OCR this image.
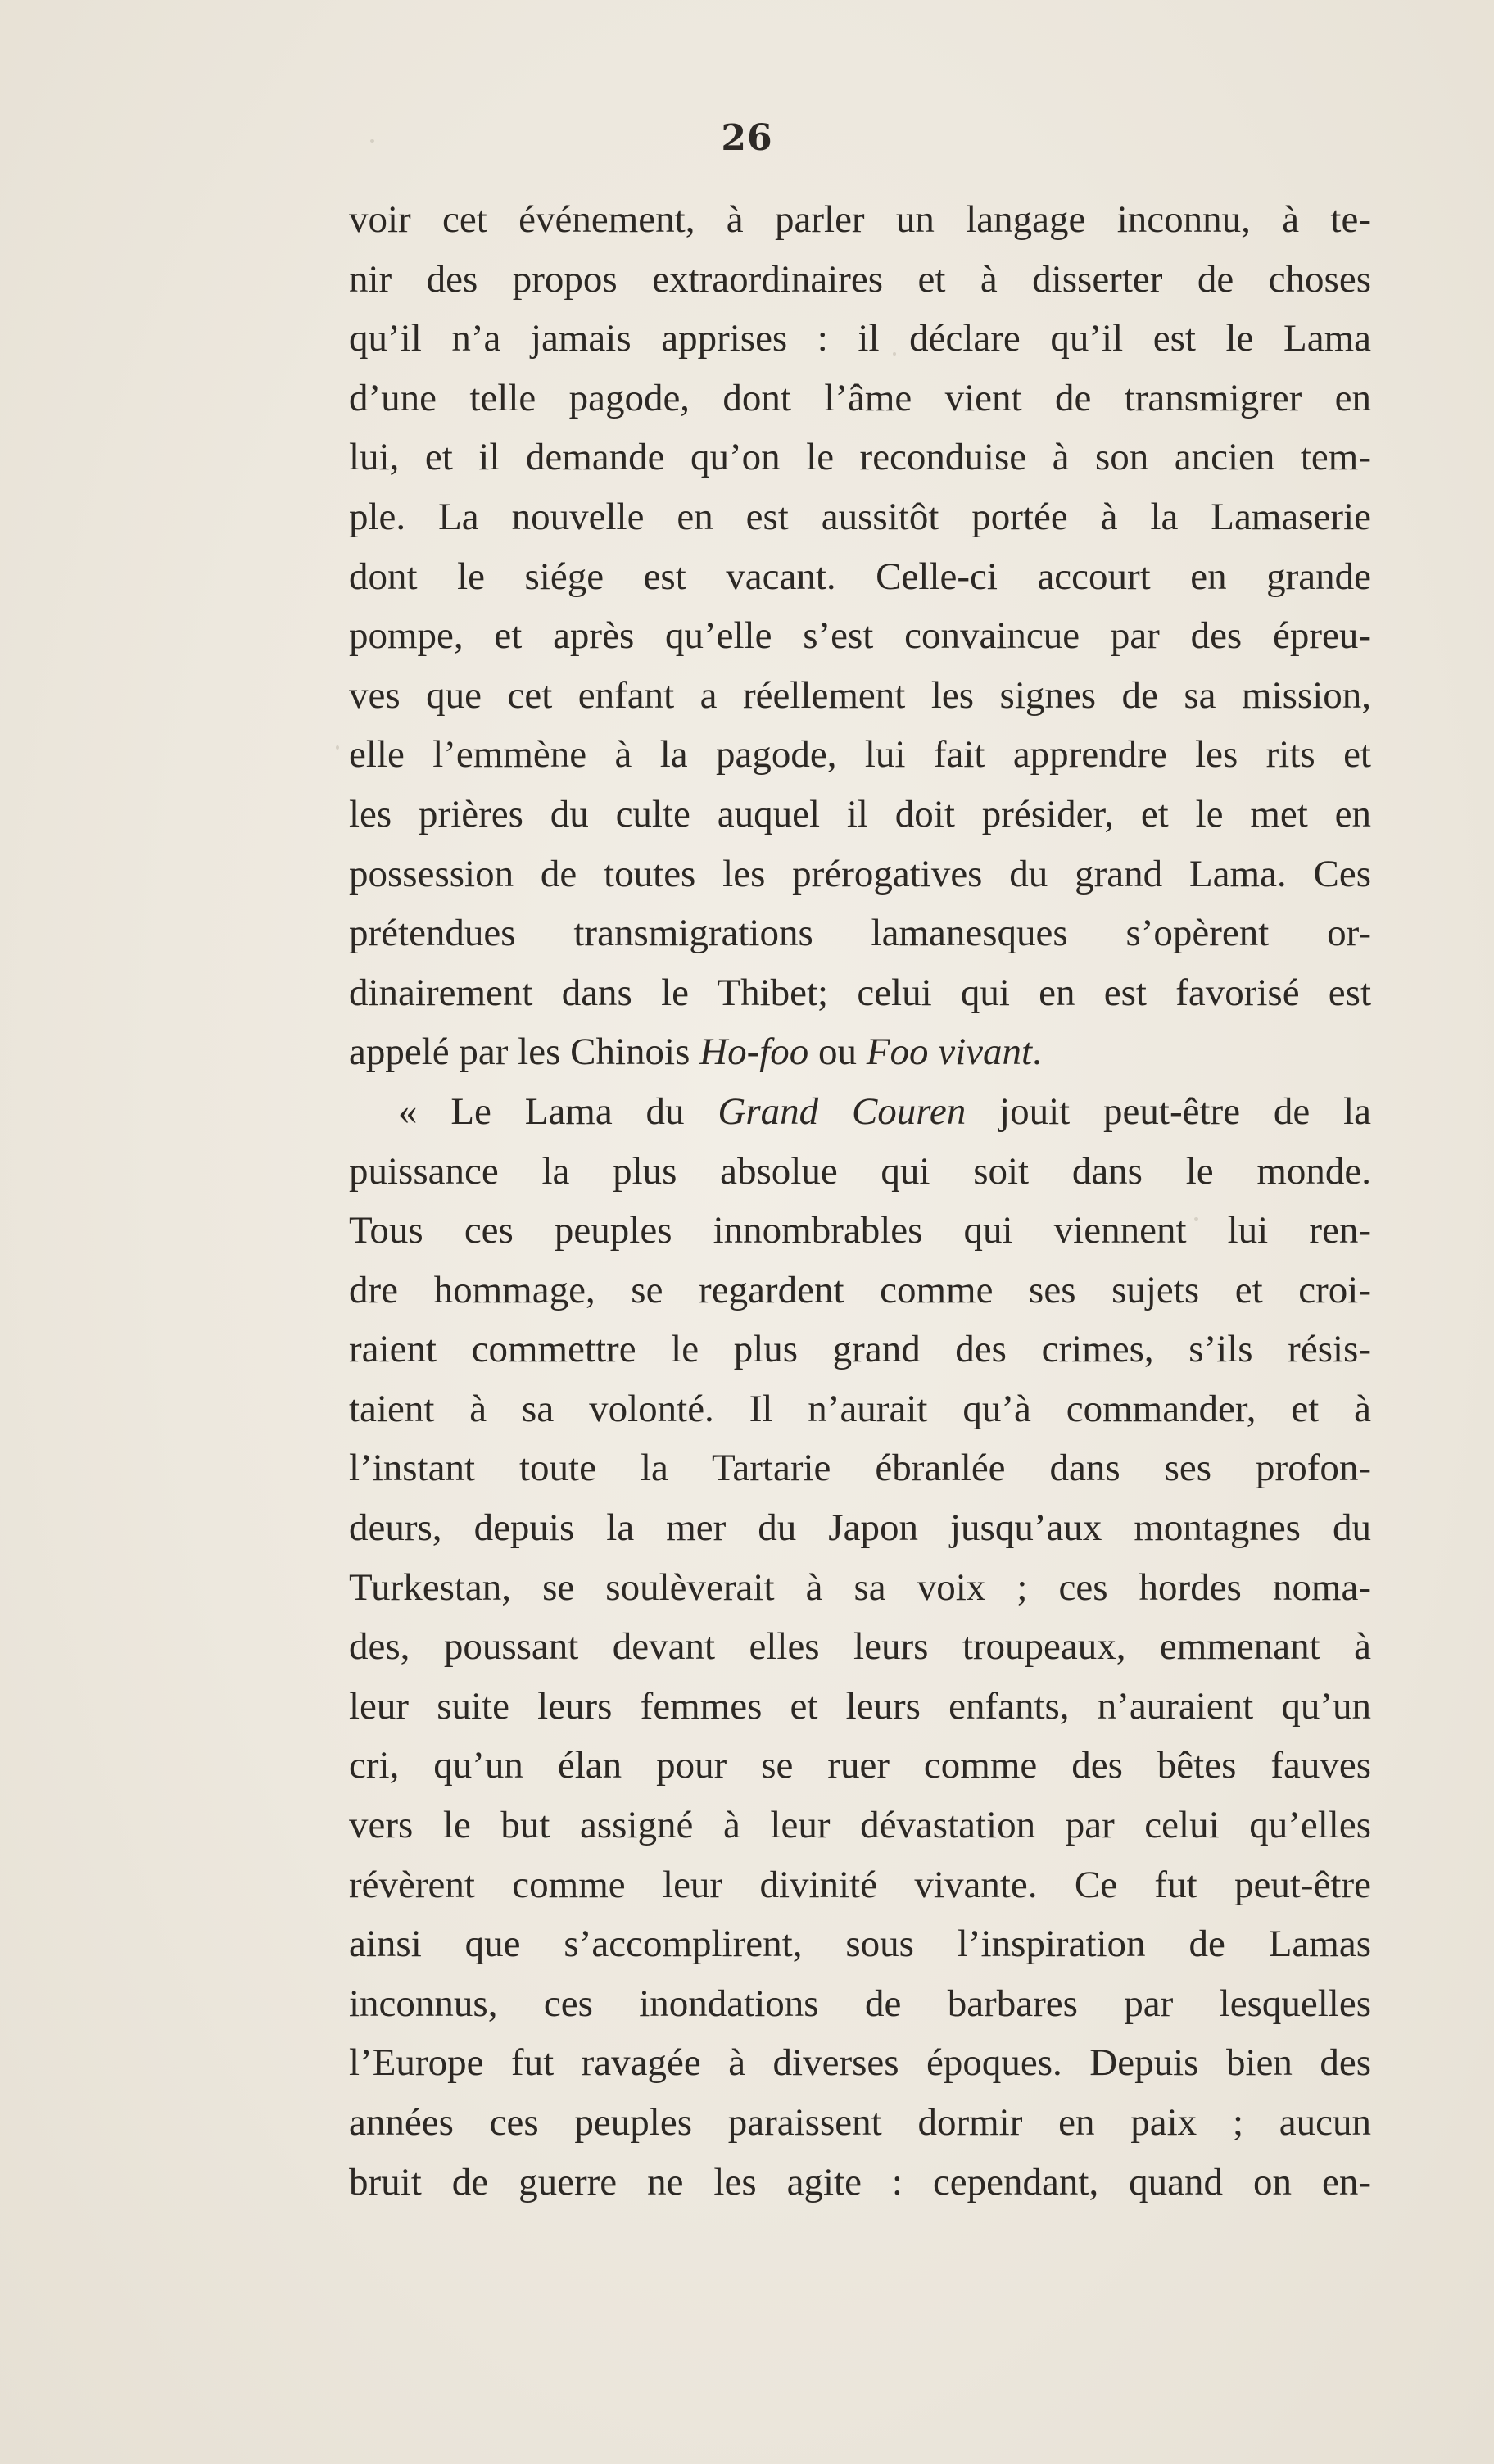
26
voir cet événement, à parler un langage inconnu, à te-
nir des propos extraordinaires et à disserter de choses
qu’il n’a jamais apprises : il déclare qu’il est le Lama
d’une telle pagode, dont l’âme vient de transmigrer en
lui, et il demande qu’on le reconduise à son ancien tem-
ple. La nouvelle en est aussitôt portée à la Lamaserie
dont le siége est vacant. Celle-ci accourt en grande
pompe, et après qu’elle s’est convaincue par des épreu-
ves que cet enfant a réellement les signes de sa mission,
elle l’emmène à la pagode, lui fait apprendre les rits et
les prières du culte auquel il doit présider, et le met en
possession de toutes les prérogatives du grand Lama. Ces
prétendues transmigrations lamanesques s’opèrent or-
dinairement dans le Thibet; celui qui en est favorisé est
appelé par les Chinois Ho-foo ou Foo vivant.
« Le Lama du Grand Couren jouit peut-être de la
puissance la plus absolue qui soit dans le monde.
Tous ces peuples innombrables qui viennent lui ren-
dre hommage, se regardent comme ses sujets et croi-
raient commettre le plus grand des crimes, s’ils résis-
taient à sa volonté. Il n’aurait qu’à commander, et à
l’instant toute la Tartarie ébranlée dans ses profon-
deurs, depuis la mer du Japon jusqu’aux montagnes du
Turkestan, se soulèverait à sa voix ; ces hordes noma-
des, poussant devant elles leurs troupeaux, emmenant à
leur suite leurs femmes et leurs enfants, n’auraient qu’un
cri, qu’un élan pour se ruer comme des bêtes fauves
vers le but assigné à leur dévastation par celui qu’elles
révèrent comme leur divinité vivante. Ce fut peut-être
ainsi que s’accomplirent, sous l’inspiration de Lamas
inconnus, ces inondations de barbares par lesquelles
l’Europe fut ravagée à diverses époques. Depuis bien des
années ces peuples paraissent dormir en paix ; aucun
bruit de guerre ne les agite : cependant, quand on en-
